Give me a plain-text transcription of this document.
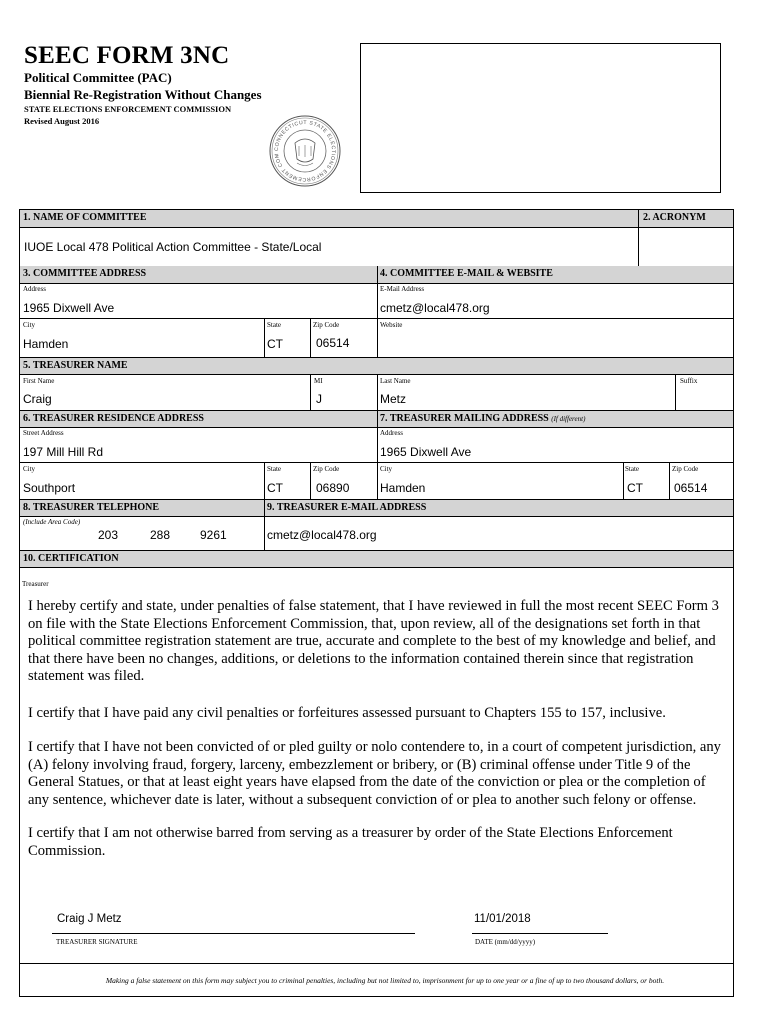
SEEC FORM 3NC
Political Committee (PAC)
Biennial Re-Registration Without Changes
STATE ELECTIONS ENFORCEMENT COMMISSION
Revised August 2016
CONNECTICUT STATE ELECTIONS ENFORCEMENT COM
1. NAME OF COMMITTEE	2. ACRONYM
IUOE Local 478 Political Action Committee - State/Local
3. COMMITTEE ADDRESS	4. COMMITTEE E-MAIL & WEBSITE
Address
1965 Dixwell Ave
E-Mail Address
cmetz@local478.org
City
Hamden
State
CT
Zip Code
06514
Website
5. TREASURER NAME
First Name
Craig
MI
J
Last Name
Metz
Suffix
6. TREASURER RESIDENCE ADDRESS	7. TREASURER MAILING ADDRESS (If different)
Street Address
197 Mill Hill Rd
Address
1965 Dixwell Ave
City
Southport
State
CT
Zip Code
06890
City
Hamden
State
CT
Zip Code
06514
8. TREASURER TELEPHONE	9. TREASURER E-MAIL ADDRESS
(Include Area Code)
203	288 9261	cmetz@local478.org
10. CERTIFICATION
Treasurer
I hereby certify and state, under penalties of false statement, that I have reviewed in full the most recent SEEC Form 3 on file with the State Elections Enforcement Commission, that, upon review, all of the designations set forth in that political committee registration statement are true, accurate and complete to the best of my knowledge and belief, and that there have been no changes, additions, or deletions to the information contained therein since that registration statement was filed.
I certify that I have paid any civil penalties or forfeitures assessed pursuant to Chapters 155 to 157, inclusive.
I certify that I have not been convicted of or pled guilty or nolo contendere to, in a court of competent jurisdiction, any (A) felony involving fraud, forgery, larceny, embezzlement or bribery, or (B) criminal offense under Title 9 of the General Statues, or that at least eight years have elapsed from the date of the conviction or plea or the completion of any sentence, whichever date is later, without a subsequent conviction of or plea to another such felony or offense.
I certify that I am not otherwise barred from serving as a treasurer by order of the State Elections Enforcement Commission.
Craig J Metz
TREASURER SIGNATURE
11/01/2018
DATE (mm/dd/yyyy)
Making a false statement on this form may subject you to criminal penalties, including but not limited to, imprisonment for up to one year or a fine of up to two thousand dollars, or both.
